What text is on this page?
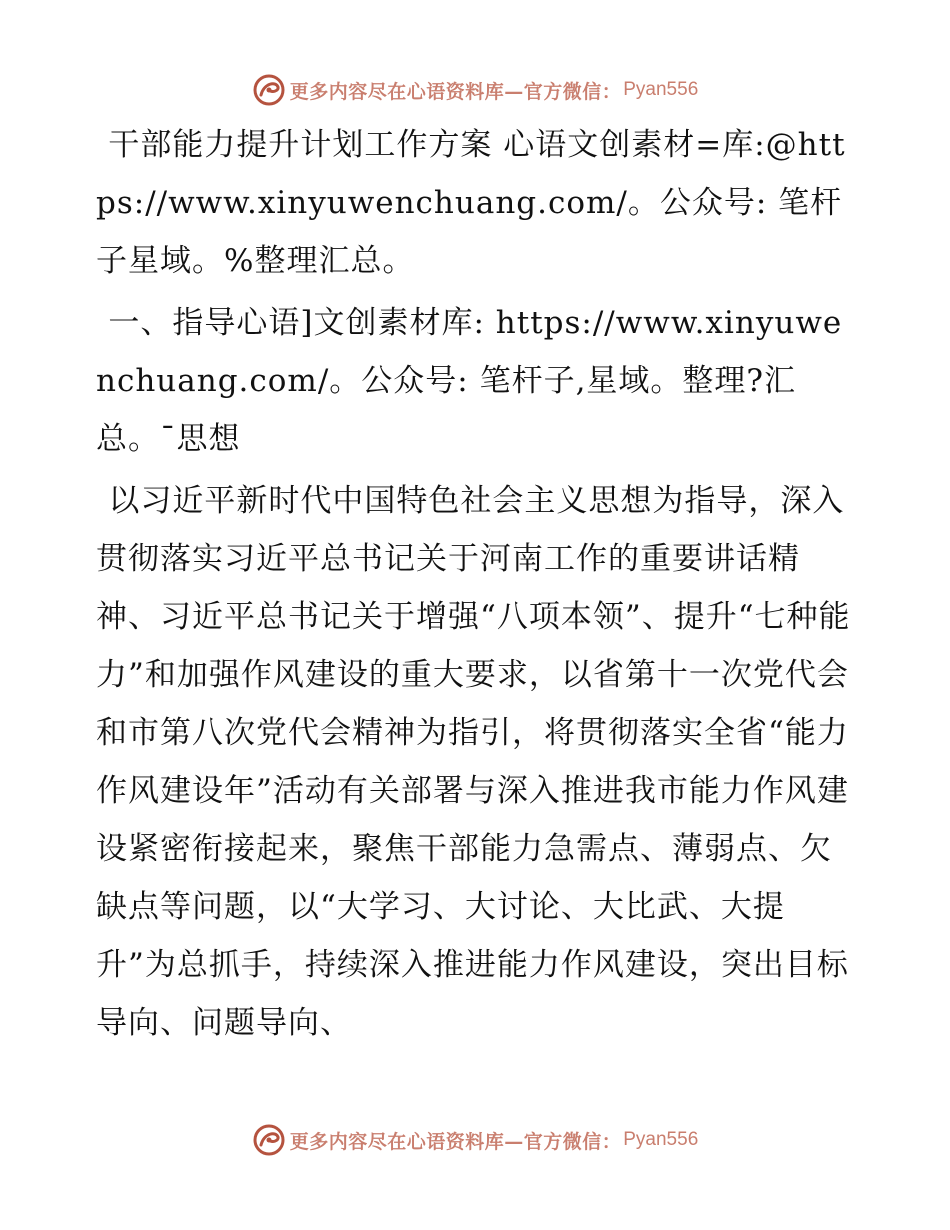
更多内容尽在心语资料库—官方微信： Pyan556

干部能力提升计划工作方案 心语文创素材=库:@https://www.xinyuwenchuang.com/。公众号: 笔杆子星域。%整理汇总。

一、指导心语]文创素材库: https://www.xinyuwenchuang.com/。公众号: 笔杆子,星域。整理?汇总。¯思想

以习近平新时代中国特色社会主义思想为指导，深入贯彻落实习近平总书记关于河南工作的重要讲话精神、习近平总书记关于增强“八项本领”、提升“七种能力”和加强作风建设的重大要求，以省第十一次党代会和市第八次党代会精神为指引，将贯彻落实全省“能力作风建设年”活动有关部署与深入推进我市能力作风建设紧密衔接起来，聚焦干部能力急需点、薄弱点、欠缺点等问题，以“大学习、大讨论、大比武、大提升”为总抓手，持续深入推进能力作风建设，突出目标导向、问题导向、

更多内容尽在心语资料库—官方微信： Pyan556
